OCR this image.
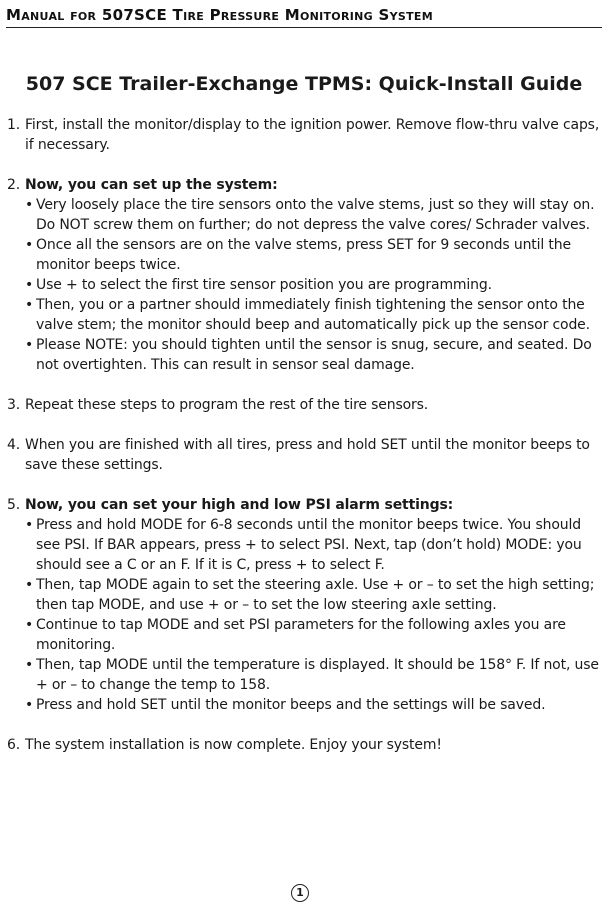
Manual for 507SCE Tire Pressure Monitoring System
507 SCE Trailer-Exchange TPMS: Quick-Install Guide
1. First, install the monitor/display to the ignition power. Remove flow-thru valve caps, if necessary.
2. Now, you can set up the system:
• Very loosely place the tire sensors onto the valve stems, just so they will stay on. Do NOT screw them on further; do not depress the valve cores/ Schrader valves.
• Once all the sensors are on the valve stems, press SET for 9 seconds until the monitor beeps twice.
• Use + to select the first tire sensor position you are programming.
• Then, you or a partner should immediately finish tightening the sensor onto the valve stem; the monitor should beep and automatically pick up the sensor code.
• Please NOTE: you should tighten until the sensor is snug, secure, and seated. Do not overtighten. This can result in sensor seal damage.
3. Repeat these steps to program the rest of the tire sensors.
4. When you are finished with all tires, press and hold SET until the monitor beeps to save these settings.
5. Now, you can set your high and low PSI alarm settings:
• Press and hold MODE for 6-8 seconds until the monitor beeps twice. You should see PSI. If BAR appears, press + to select PSI. Next, tap (don’t hold) MODE: you should see a C or an F. If it is C, press + to select F.
• Then, tap MODE again to set the steering axle. Use + or – to set the high setting; then tap MODE, and use + or – to set the low steering axle setting.
• Continue to tap MODE and set PSI parameters for the following axles you are monitoring.
• Then, tap MODE until the temperature is displayed. It should be 158° F. If not, use + or – to change the temp to 158.
• Press and hold SET until the monitor beeps and the settings will be saved.
6. The system installation is now complete. Enjoy your system!
1
